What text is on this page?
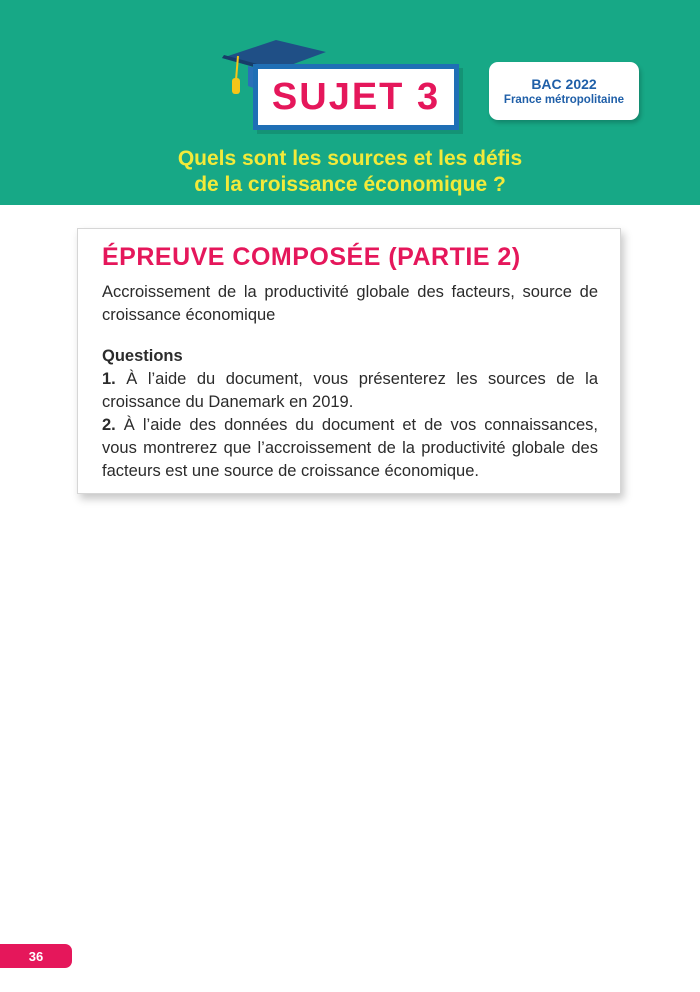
SUJET 3	BAC 2022
France métropolitaine
Quels sont les sources et les défis
de la croissance économique ?
ÉPREUVE COMPOSÉE (PARTIE 2)
Accroissement de la productivité globale des facteurs, source de croissance économique
Questions
1. À l’aide du document, vous présenterez les sources de la croissance du Danemark en 2019.
2. À l’aide des données du document et de vos connaissances, vous montrerez que l’accroissement de la productivité globale des facteurs est une source de croissance économique.
36
